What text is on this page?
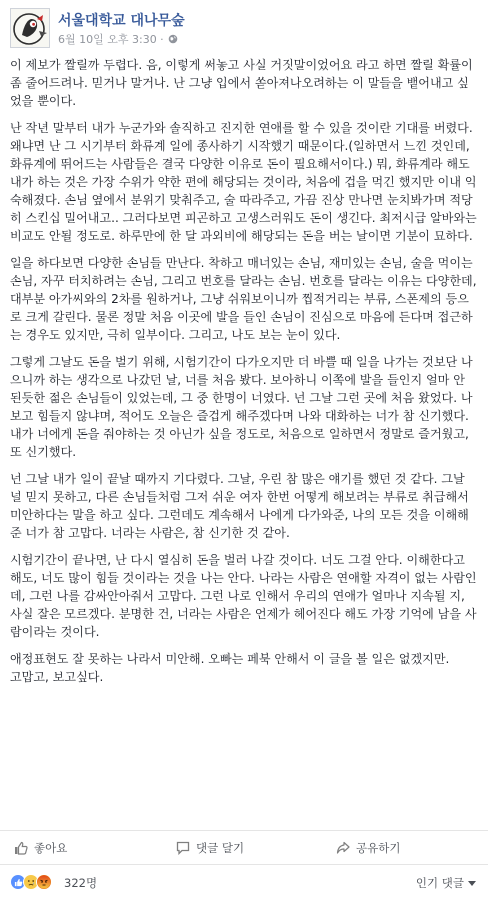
서울대학교 대나무숲
6월 10일 오후 3:30 ·

이 제보가 짤릴까 두렵다. 음, 이렇게 써놓고 사실 거짓말이었어요 라고 하면 짤릴 확률이 좀 줄어드려나. 믿거나 말거나. 난 그냥 입에서 쏟아져나오려하는 이 말들을 뱉어내고 싶었을 뿐이다.

난 작년 말부터 내가 누군가와 솔직하고 진지한 연애를 할 수 있을 것이란 기대를 버렸다. 왜냐면 난 그 시기부터 화류계 일에 종사하기 시작했기 때문이다.(일하면서 느낀 것인데, 화류계에 뛰어드는 사람들은 결국 다양한 이유로 돈이 필요해서이다.) 뭐, 화류계라 해도 내가 하는 것은 가장 수위가 약한 편에 해당되는 것이라, 처음에 겁을 먹긴 했지만 이내 익숙해졌다. 손님 옆에서 분위기 맞춰주고, 술 따라주고, 가끔 진상 만나면 눈치봐가며 적당히 스킨십 밀어내고.. 그러다보면 피곤하고 고생스러워도 돈이 생긴다. 최저시급 알바와는 비교도 안될 정도로. 하루만에 한 달 과외비에 해당되는 돈을 버는 날이면 기분이 묘하다.

일을 하다보면 다양한 손님들 만난다. 착하고 매너있는 손님, 재미있는 손님, 술을 먹이는 손님, 자꾸 터치하려는 손님, 그리고 번호를 달라는 손님. 번호를 달라는 이유는 다양한데, 대부분 아가씨와의 2차를 원하거나, 그냥 쉬워보이니까 찝적거리는 부류, 스폰제의 등으로 크게 갈린다. 물론 정말 처음 이곳에 발을 들인 손님이 진심으로 마음에 든다며 접근하는 경우도 있지만, 극히 일부이다. 그리고, 나도 보는 눈이 있다.

그렇게 그날도 돈을 벌기 위해, 시험기간이 다가오지만 더 바쁠 때 일을 나가는 것보단 나으니까 하는 생각으로 나갔던 날, 너를 처음 봤다. 보아하니 이쪽에 발을 들인지 얼마 안 된듯한 젊은 손님들이 있었는데, 그 중 한명이 너였다. 넌 그날 그런 곳에 처음 왔었다. 나보고 힘들지 않냐며, 적어도 오늘은 즐겁게 해주겠다며 나와 대화하는 너가 참 신기했다. 내가 너에게 돈을 줘야하는 것 아닌가 싶을 정도로, 처음으로 일하면서 정말로 즐거웠고, 또 신기했다.

넌 그날 내가 일이 끝날 때까지 기다렸다. 그날, 우린 참 많은 얘기를 했던 것 같다. 그날 널 믿지 못하고, 다른 손님들처럼 그저 쉬운 여자 한번 어떻게 해보려는 부류로 취급해서 미안하다는 말을 하고 싶다. 그런데도 계속해서 나에게 다가와준, 나의 모든 것을 이해해준 너가 참 고맙다. 너라는 사람은, 참 신기한 것 같아.

시험기간이 끝나면, 난 다시 열심히 돈을 벌러 나갈 것이다. 너도 그걸 안다. 이해한다고 해도, 너도 많이 힘들 것이라는 것을 나는 안다. 나라는 사람은 연애할 자격이 없는 사람인데, 그런 나를 감싸안아줘서 고맙다. 그런 나로 인해서 우리의 연애가 얼마나 지속될 지, 사실 잘은 모르겠다. 분명한 건, 너라는 사람은 언제가 헤어진다 해도 가장 기억에 남을 사람이라는 것이다.

애정표현도 잘 못하는 나라서 미안해. 오빠는 페북 안해서 이 글을 볼 일은 없겠지만.
고맙고, 보고싶다.

좋아요	댓글 달기	공유하기
322명	인기 댓글
